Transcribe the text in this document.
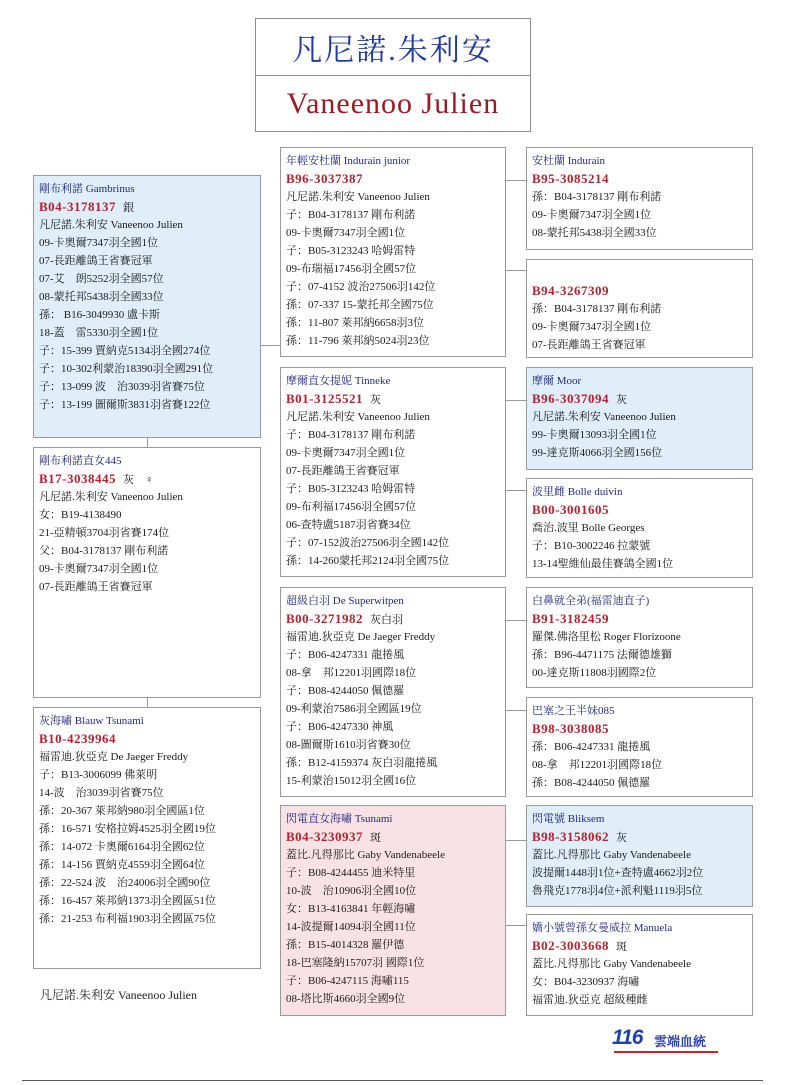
凡尼諾.朱利安
Vaneenoo Julien
剛布利諾 Gambrinus
B04-3178137 銀
凡尼諾.朱利安 Vaneenoo Julien
09-卡奧爾7347羽全國1位
07-長距離鴿王省賽冠軍
07-艾　朗5252羽全國57位
08-蒙托邦5438羽全國33位
孫： B16-3049930 盧卡斯
18-蓋　雷5330羽全國1位
子：15-399 賈納克5134羽全國274位
子：10-302利蒙治18390羽全國291位
子：13-099 波　治3039羽省賽75位
子：13-199 圖爾斯3831羽省賽122位
剛布利諾直女445
B17-3038445 灰　♀
凡尼諾.朱利安 Vaneenoo Julien
女：B19-4138490
21-亞精頓3704羽省賽174位
父：B04-3178137 剛布利諾
09-卡奧爾7347羽全國1位
07-長距離鴿王省賽冠軍
灰海嘯 Blauw Tsunami
B10-4239964
福雷迪.狄亞克 De Jaeger Freddy
子：B13-3006099 佛萊明
14-波　治3039羽省賽75位
孫：20-367 萊邦納980羽全國區1位
孫：16-571 安格拉姆4525羽全國19位
孫：14-072 卡奧爾6164羽全國62位
孫：14-156 賈納克4559羽全國64位
孫：22-524 波　治24006羽全國90位
孫：16-457 萊邦納1373羽全國區51位
孫：21-253 布利福1903羽全國區75位
年輕安杜蘭 Indurain junior
B96-3037387
凡尼諾.朱利安 Vaneenoo Julien
子：B04-3178137 剛布利諾
09-卡奧爾7347羽全國1位
子：B05-3123243 哈姆雷特
09-布瑞福17456羽全國57位
子：07-4152 波治27506羽142位
孫：07-337 15-蒙托邦全國75位
孫：11-807 萊邦納6658羽3位
孫：11-796 萊邦納5024羽23位
摩爾直女提妮 Tinneke
B01-3125521 灰
凡尼諾.朱利安 Vaneenoo Julien
子：B04-3178137 剛布利諾
09-卡奧爾7347羽全國1位
07-長距離鴿王省賽冠軍
子：B05-3123243 哈姆雷特
09-布利福17456羽全國57位
06-查特盧5187羽省賽34位
子：07-152波治27506羽全國142位
孫：14-260蒙托邦2124羽全國75位
超級白羽 De Superwitpen
B00-3271982 灰白羽
福雷迪.狄亞克 De Jaeger Freddy
子：B06-4247331 龍捲風
08-拿　邦12201羽國際18位
子：B08-4244050 佩德羅
09-利蒙治7586羽全國區19位
子：B06-4247330 神風
08-圖爾斯1610羽省賽30位
孫：B12-4159374 灰白羽龍捲風
15-利蒙治15012羽全國16位
閃電直女海嘯 Tsunami
B04-3230937 斑
蓋比.凡得那比 Gaby Vandenabeele
子：B08-4244455 迪米特里
10-波　治10906羽全國10位
女：B13-4163841 年輕海嘯
14-波提爾14094羽全國11位
孫：B15-4014328 羅伊德
18-巴塞隆納15707羽 國際1位
子：B06-4247115 海嘯115
08-塔比斯4660羽全國9位
安杜蘭 Indurain
B95-3085214
孫：B04-3178137 剛布利諾
09-卡奧爾7347羽全國1位
08-蒙托邦5438羽全國33位
B94-3267309
孫：B04-3178137 剛布利諾
09-卡奧爾7347羽全國1位
07-長距離鴿王省賽冠軍
摩爾 Moor
B96-3037094 灰
凡尼諾.朱利安 Vaneenoo Julien
99-卡奧爾13093羽全國1位
99-達克斯4066羽全國156位
波里雌 Bolle duivin
B00-3001605
喬治.波里 Bolle Georges
子：B10-3002246 拉蒙號
13-14聖維仙最佳賽鴿全國1位
白鼻就全弟(福雷迪直子)
B91-3182459
羅傑.佛洛里松 Roger Florizoone
孫：B96-4471175 法爾德雄獅
00-達克斯11808羽國際2位
巴塞之王半妹085
B98-3038085
孫：B06-4247331 龍捲風
08-拿　邦12201羽國際18位
孫：B08-4244050 佩德羅
閃電號 Bliksem
B98-3158062 灰
蓋比.凡得那比 Gaby Vandenabeele
波提爾1448羽1位+查特盧4662羽2位
魯飛克1778羽4位+派利魁1119羽5位
嬌小號曾孫女曼威拉 Manuela
B02-3003668 斑
蓋比.凡得那比 Gaby Vandenabeele
女：B04-3230937 海嘯
福雷迪.狄亞克 超級種雌
凡尼諾.朱利安 Vaneenoo Julien
116 雲端血統
